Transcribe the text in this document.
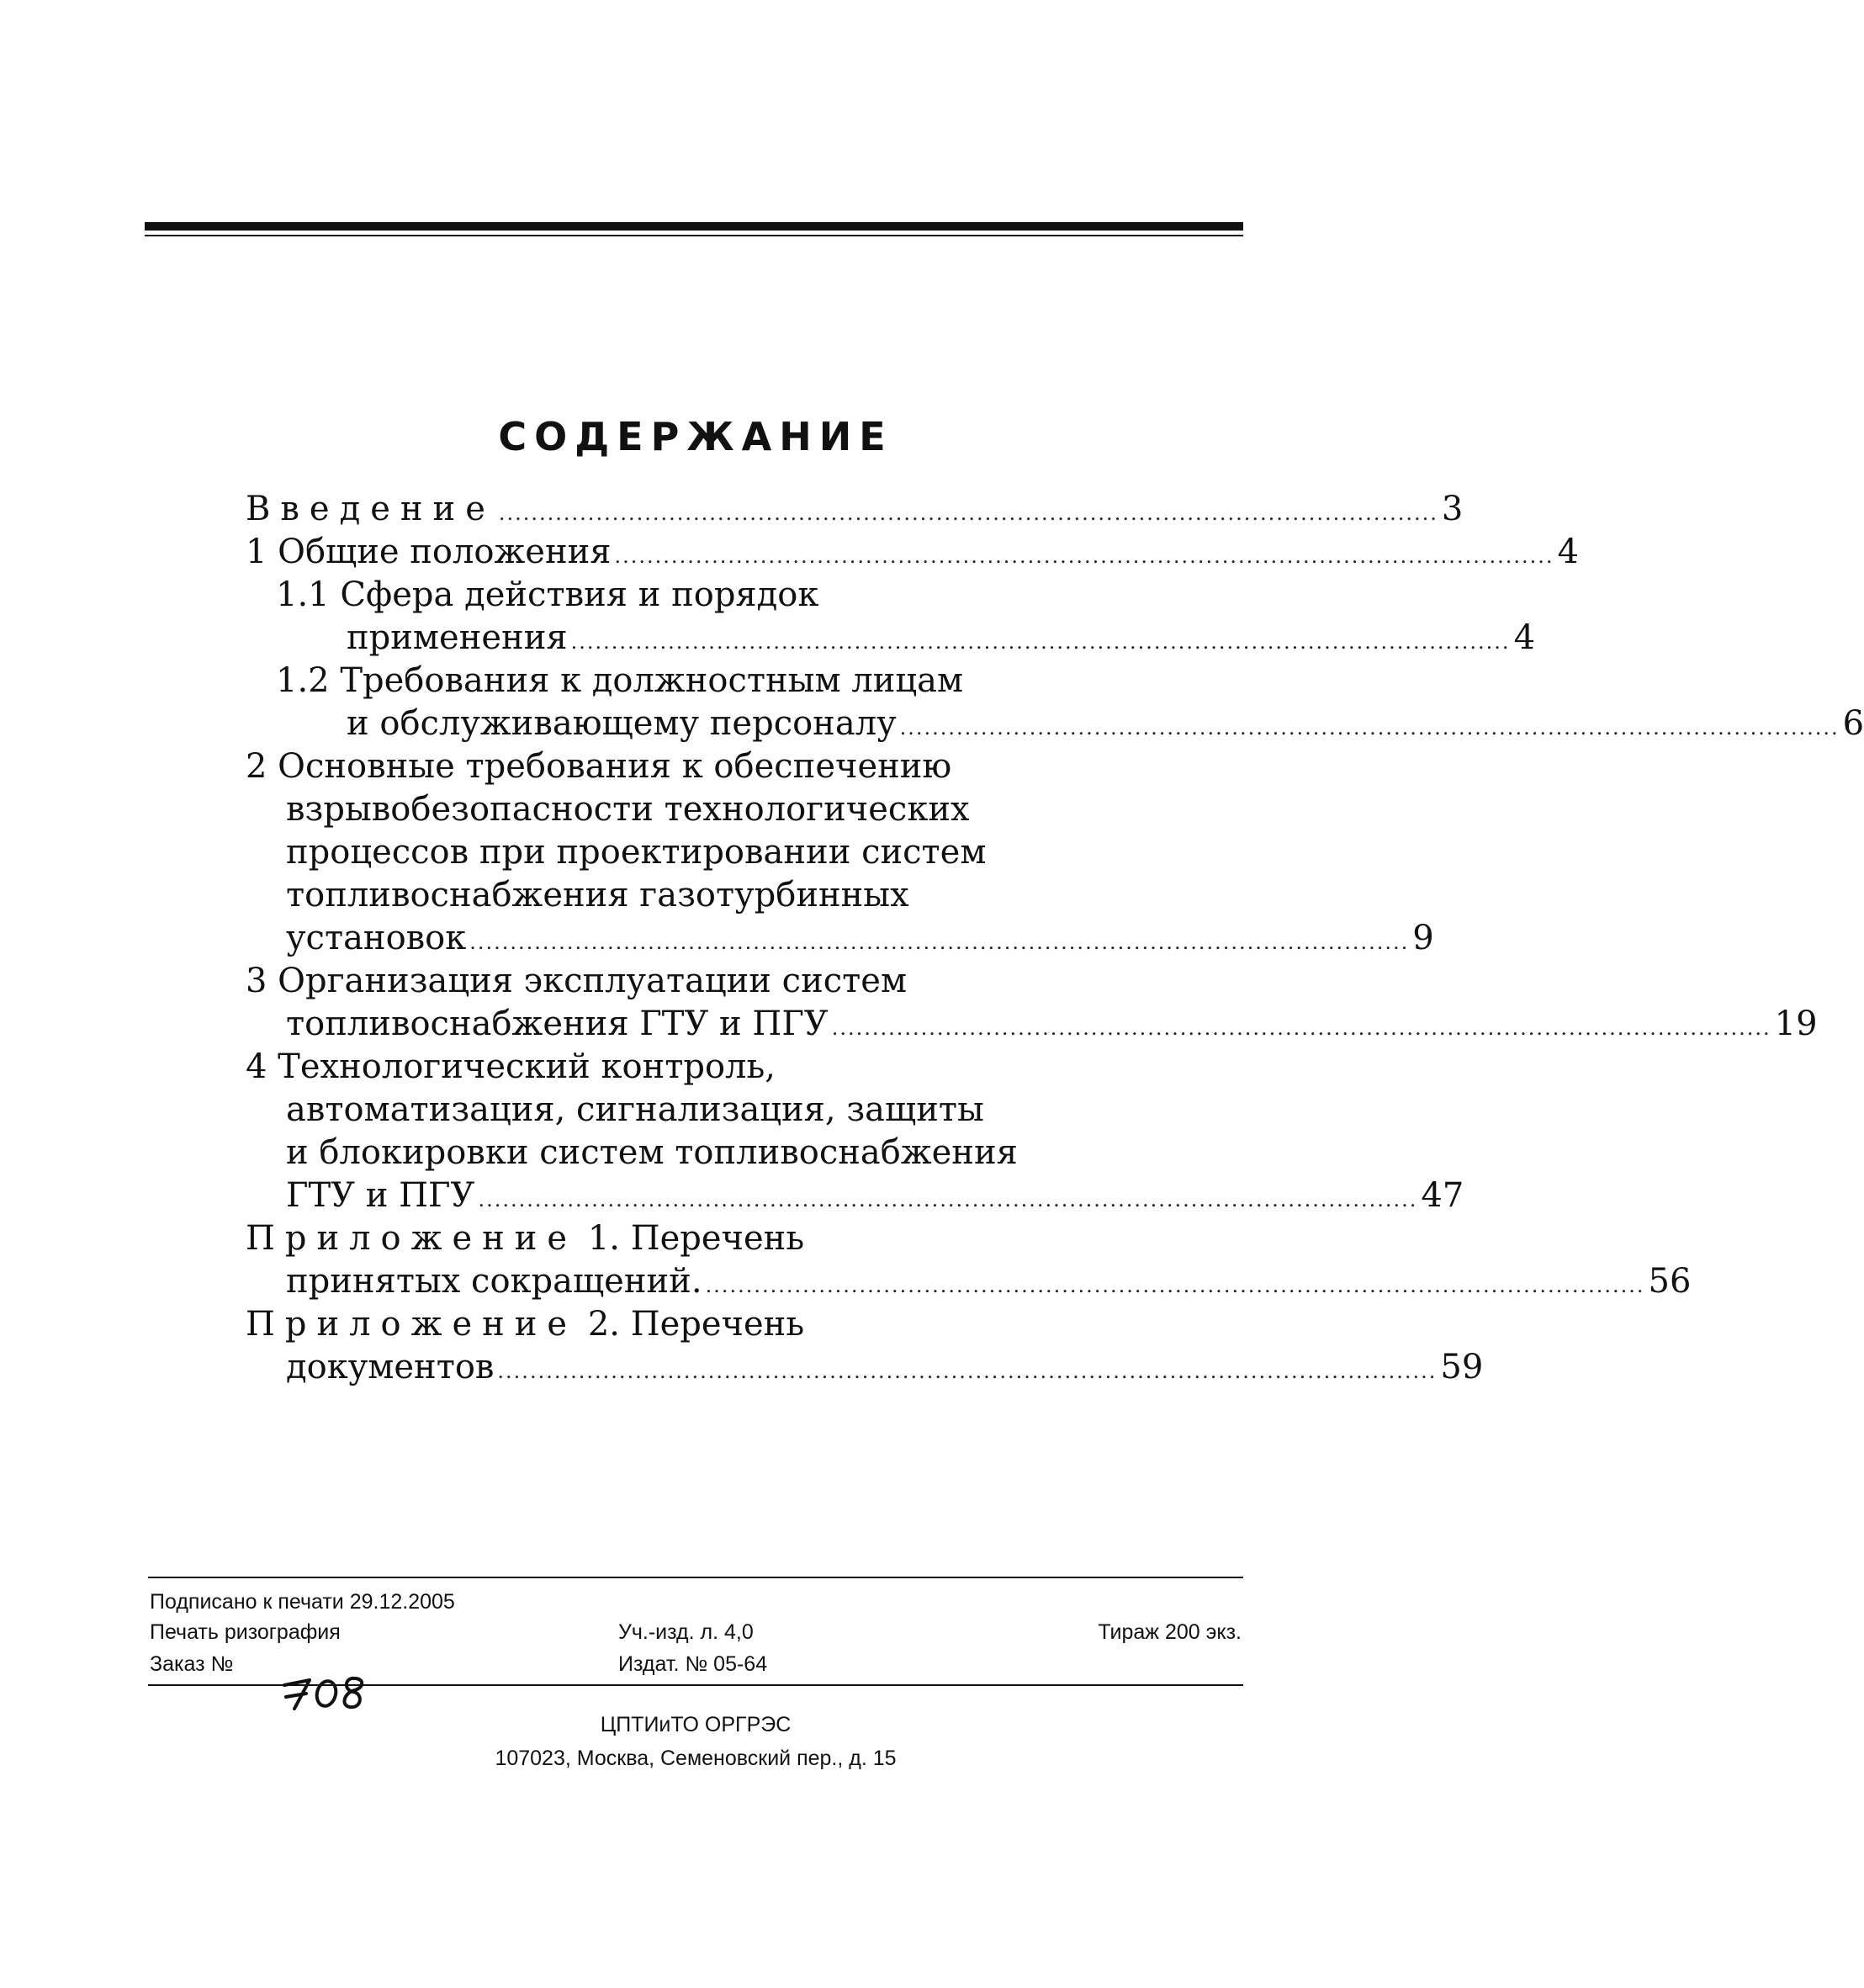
СОДЕРЖАНИЕ
Введение .................................................................................................................... 3
1 Общие положения .................................................................................................................... 4
1.1 Сфера действия и порядок
применения .................................................................................................................... 4
1.2 Требования к должностным лицам
и обслуживающему персоналу .................................................................................................................... 6
2 Основные требования к обеспечению
взрывобезопасности технологических
процессов при проектировании систем
топливоснабжения газотурбинных
установок .................................................................................................................... 9
3 Организация эксплуатации систем
топливоснабжения ГТУ и ПГУ .................................................................................................................... 19
4 Технологический контроль,
автоматизация, сигнализация, защиты
и блокировки систем топливоснабжения
ГТУ и ПГУ .................................................................................................................... 47
Приложение 1. Перечень
принятых сокращений. .................................................................................................................... 56
Приложение 2. Перечень
документов .................................................................................................................... 59
Подписано к печати 29.12.2005
Печать ризография
Заказ №
Уч.-изд. л. 4,0
Издат. № 05-64
Тираж 200 экз.
ЦПТИиТО ОРГРЭС
107023, Москва, Семеновский пер., д. 15
